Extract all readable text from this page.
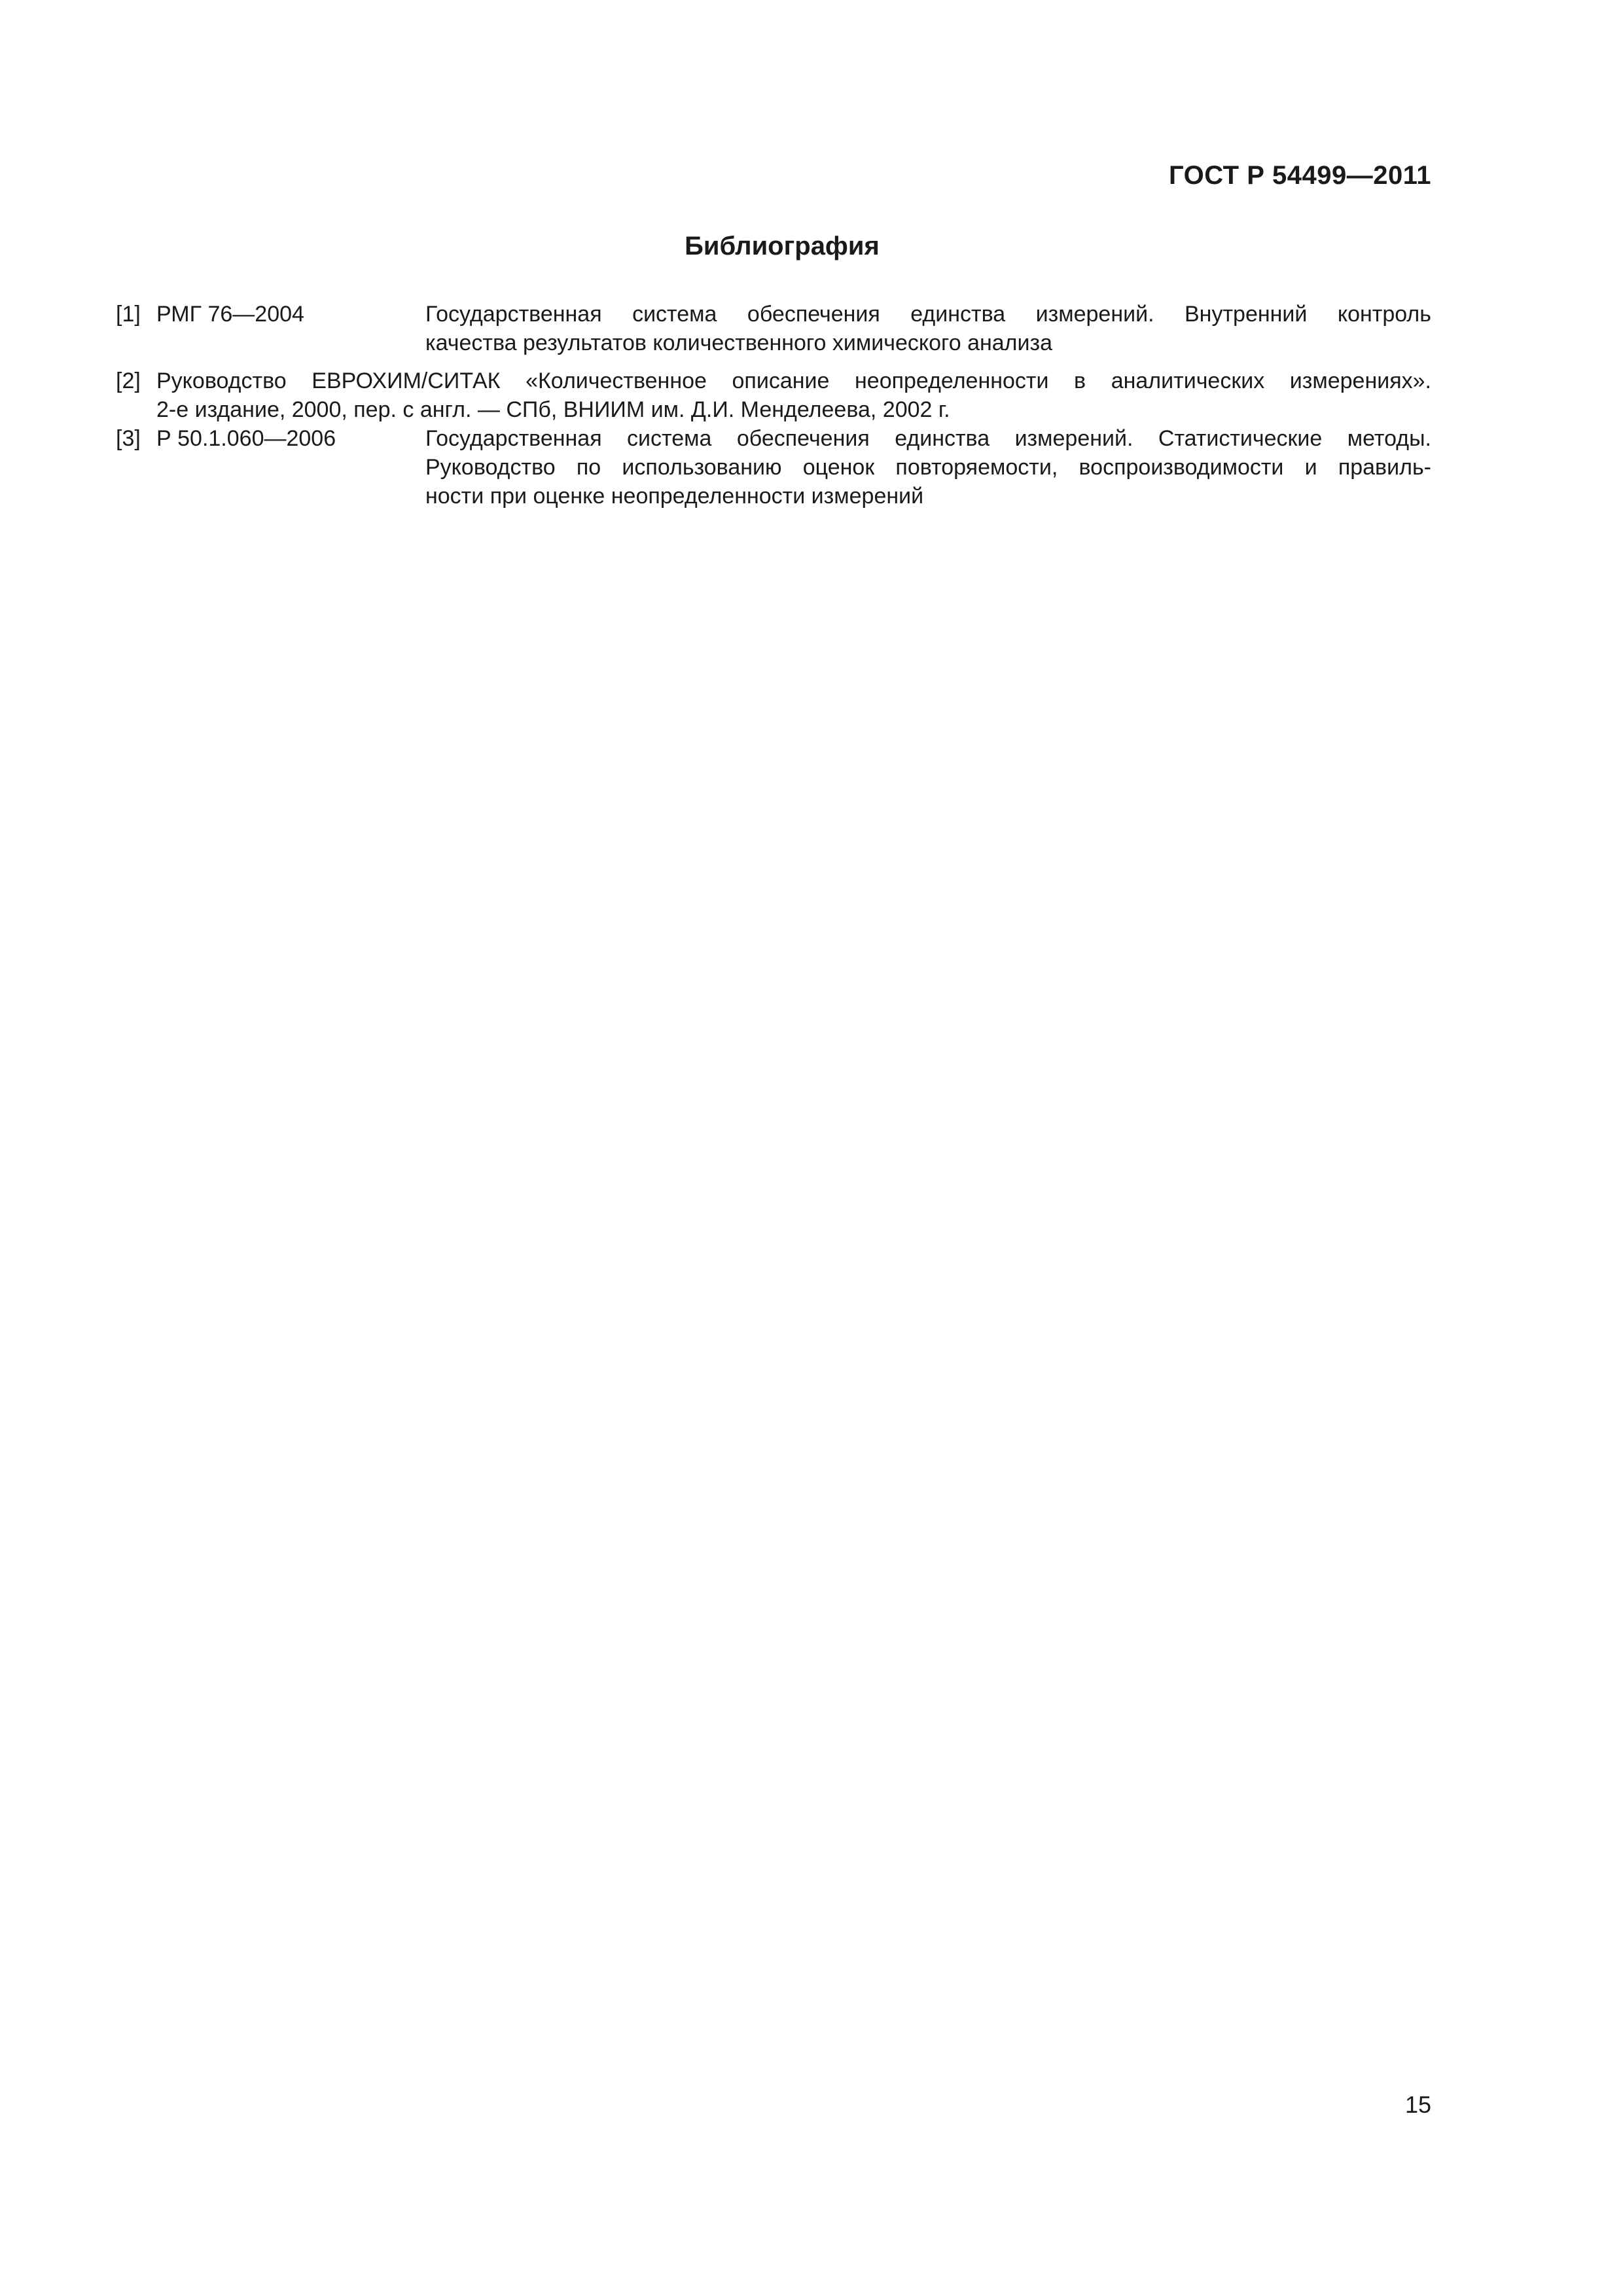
ГОСТ Р 54499—2011
Библиография
[1] РМГ 76—2004	Государственная система обеспечения единства измерений. Внутренний контроль
качества результатов количественного химического анализа
[2] Руководство ЕВРОХИМ/СИТАК «Количественное описание неопределенности в аналитических измерениях».
2-е издание, 2000, пер. с англ. — СПб, ВНИИМ им. Д.И. Менделеева, 2002 г.
[3] Р 50.1.060—2006	Государственная система обеспечения единства измерений. Статистические методы.
Руководство по использованию оценок повторяемости, воспроизводимости и правиль-
ности при оценке неопределенности измерений
15
